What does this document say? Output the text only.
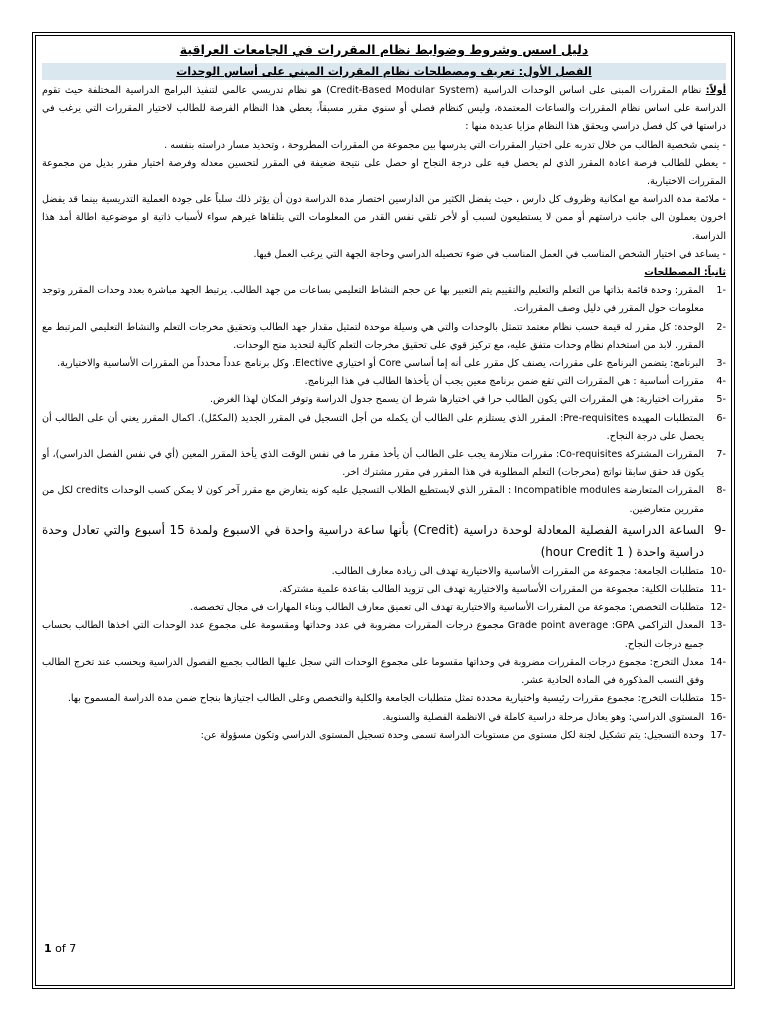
دليل اسس وشروط وضوابط نظام المقررات في الجامعات العراقية
الفصل الأول: تعريف ومصطلحات نظام المقررات المبني على أساس الوحدات

أولاً: نظام المقررات المبنى على اساس الوحدات الدراسية (Credit-Based Modular System) هو نظام تدريسي عالمي لتنفيذ البرامج الدراسية المختلفة حيث تقوم الدراسة على اساس نظام المقررات والساعات المعتمدة، وليس كنظام فصلي أو سنوي مقرر مسبقاً، يعطي هذا النظام الفرصة للطالب لاختيار المقررات التي يرغب في دراستها في كل فصل دراسي ويحقق هذا النظام مزايا عديدة منها :

- ينمي شخصية الطالب من خلال تدربه على اختيار المقررات التي يدرسها بين مجموعة من المقررات المطروحة ، وتحديد مسار دراسته بنفسه .

- يعطي للطالب فرصة اعادة المقرر الذي لم يحصل فيه على درجة النجاح او حصل على نتيجة ضعيفة في المقرر لتحسين معدله وفرصة اختيار مقرر بديل من مجموعة المقررات الاختيارية.

- ملائمة مدة الدراسة مع امكانية وظروف كل دارس ، حيث يفضل الكثير من الدارسين اختصار مدة الدراسة دون أن يؤثر ذلك سلباً على جودة العملية التدريسية بينما قد يفضل اخرون يعملون الى جانب دراستهم أو ممن لا يستطيعون لسبب أو لأخر تلقي نفس القدر من المعلومات التي يتلقاها غيرهم سواء لأسباب ذاتية او موضوعية اطالة أمد هذا الدراسة.

- يساعد في اختيار الشخص المناسب في العمل المناسب في ضوء تحصيله الدراسي وحاجة الجهة التي يرغب العمل فيها.

ثانياً: المصطلحات

-1
المقرر: وحدة قائمة بذاتها من التعلم والتعليم والتقييم يتم التعبير بها عن حجم النشاط التعليمي بساعات من جهد الطالب. يرتبط الجهد مباشرة بعدد وحدات المقرر وتوجد معلومات حول المقرر في دليل وصف المقررات.
-2
الوحدة: كل مقرر له قيمة حسب نظام معتمد تتمثل بالوحدات والتي هي وسيلة موحدة لتمثيل مقدار جهد الطالب وتحقيق مخرجات التعلم والنشاط التعليمي المرتبط مع المقرر. لابد من استخدام نظام وحدات متفق عليه، مع تركيز قوي على تحقيق مخرجات التعلم كآلية لتحديد منح الوحدات.
-3
البرنامج: يتضمن البرنامج على مقررات، يصنف كل مقرر على أنه إما أساسي Core أو اختياري Elective. وكل برنامج عدداً محدداً من المقررات الأساسية والاختيارية.
-4
مقررات أساسية : هي المقررات التي تقع ضمن برنامج معين يجب أن يأخذها الطالب في هذا البرنامج.
-5
مقررات اختيارية: هي المقررات التي يكون الطالب حرا في اختيارها شرط ان يسمح جدول الدراسة وتوفر المكان لهذا الغرض.
-6
المتطلبات المهيدة Pre-requisites: المقرر الذي يستلزم على الطالب أن يكمله من أجل التسجيل في المقرر الجديد (المكمّل). اكمال المقرر يعني أن على الطالب أن يحصل على درجة النجاح.
-7
المقررات المشتركة Co-requisites: مقررات متلازمة يجب على الطالب أن يأخذ مقرر ما في نفس الوقت الذي يأخذ المقرر المعين (أي في نفس الفصل الدراسي)، أو يكون قد حقق سابقا نواتج (مخرجات) التعلم المطلوبة في هذا المقرر في مقرر مشترك اخر.
-8
المقررات المتعارضة Incompatible modules : المقرر الذي لايستطيع الطلاب التسجيل عليه كونه يتعارض مع مقرر آخر كون لا يمكن كسب الوحدات credits لكل من مقررين متعارضين.
-9
الساعة الدراسية الفصلية المعادلة لوحدة دراسية (Credit) بأنها ساعة دراسية واحدة في الاسبوع ولمدة 15 أسبوع والتي تعادل وحدة دراسية واحدة ( 1 hour Credit)
-10
متطلبات الجامعة: مجموعة من المقررات الأساسية والاختيارية تهدف الى زيادة معارف الطالب.
-11
متطلبات الكلية: مجموعة من المقررات الأساسية والاختيارية تهدف الى تزويد الطالب بقاعدة علمية مشتركة.
-12
متطلبات التخصص: مجموعة من المقررات الأساسية والاختيارية تهدف الى تعميق معارف الطالب وبناء المهارات في مجال تخصصه.
-13
المعدل التراكمي Grade point average :GPA مجموع درجات المقررات مضروبة في عدد وحداتها ومقسومة على مجموع عدد الوحدات التي اخذها الطالب بحساب جميع درجات النجاح.
-14
معدل التخرج: مجموع درجات المقررات مضروبة في وحداتها مقسوما على مجموع الوحدات التي سجل عليها الطالب بجميع الفصول الدراسية ويحسب عند تخرج الطالب وفق النسب المذكورة في المادة الحادية عشر.
-15
متطلبات التخرج: مجموع مقررات رئيسية واختيارية محددة تمثل متطلبات الجامعة والكلية والتخصص وعلى الطالب اجتيازها بنجاح ضمن مدة الدراسة المسموح بها.
-16
المستوى الدراسي: وهو يعادل مرحلة دراسية كاملة في الانظمة الفصلية والسنوية.
-17
وحدة التسجيل: يتم تشكيل لجنة لكل مستوى من مستويات الدراسة تسمى وحدة تسجيل المستوى الدراسي وتكون مسؤولة عن:
1 of 7
